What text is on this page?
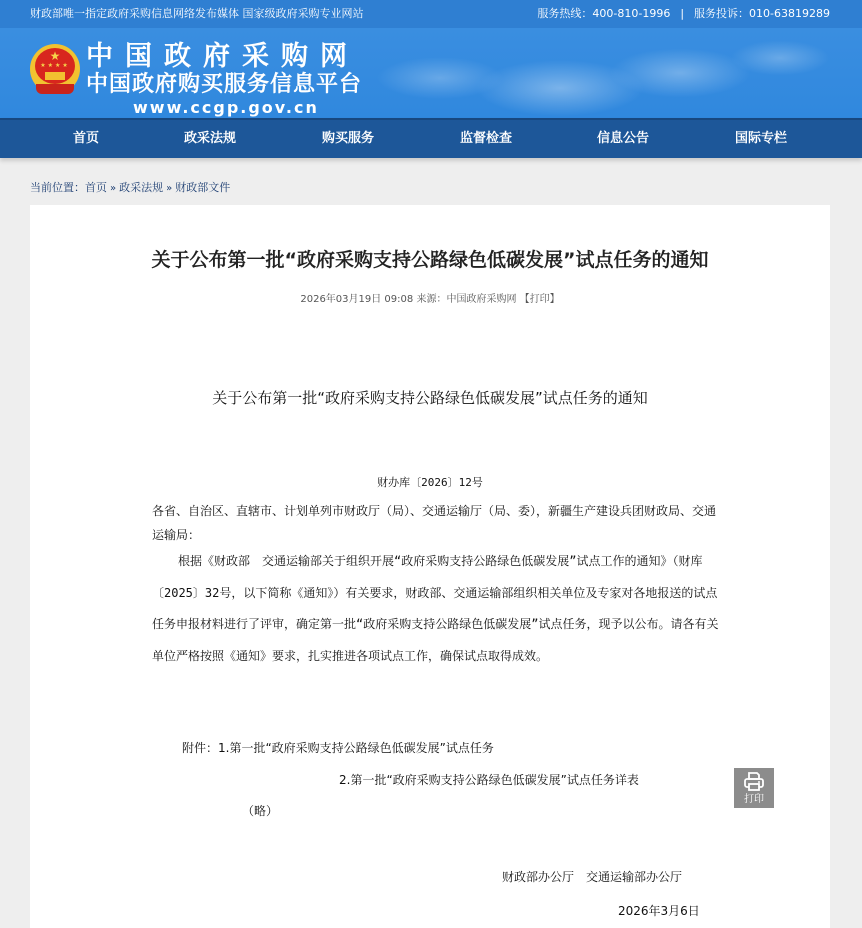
财政部唯一指定政府采购信息网络发布媒体 国家级政府采购专业网站	服务热线：400-810-1996 | 服务投诉：010-63819289
★
★★★★ 中国政府采购网
中国政府购买服务信息平台
www.ccgp.gov.cn
首页	政采法规	购买服务	监督检查	信息公告	国际专栏
当前位置：首页 » 政采法规 » 财政部文件
关于公布第一批“政府采购支持公路绿色低碳发展”试点任务的通知
2026年03月19日 09:08 来源：中国政府采购网 【打印】
关于公布第一批“政府采购支持公路绿色低碳发展”试点任务的通知
财办库〔2026〕12号
各省、自治区、直辖市、计划单列市财政厅（局）、交通运输厅（局、委），新疆生产建设兵团财政局、交通运输局：
根据《财政部　交通运输部关于组织开展“政府采购支持公路绿色低碳发展”试点工作的通知》（财库〔2025〕32号，以下简称《通知》）有关要求，财政部、交通运输部组织相关单位及专家对各地报送的试点任务申报材料进行了评审，确定第一批“政府采购支持公路绿色低碳发展”试点任务，现予以公布。请各有关单位严格按照《通知》要求，扎实推进各项试点工作，确保试点取得成效。
附件：1.第一批“政府采购支持公路绿色低碳发展”试点任务
2.第一批“政府采购支持公路绿色低碳发展”试点任务详表
（略）
财政部办公厅　交通运输部办公厅
2026年3月6日
打印
